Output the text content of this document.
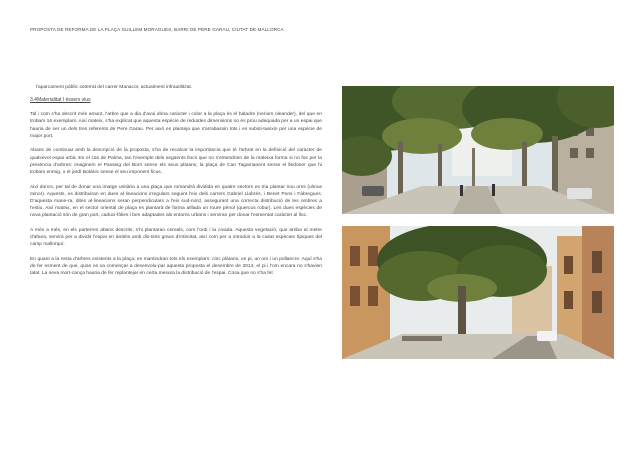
PROPOSTA DE REFORMA DE LA PLAÇA GUILLEM MORAGUES, BARRI DE PERE GARAU, CIUTAT DE MALLORCA

l'aparcament públic soterrat del carrer Manacor, actualment infrautilitzat.

3.4Materialitat I éssers vius

Tal i com s'ha descrit més amunt, l'arbre que a dia d'avui dóna caràcter i color a la plaça és el baladre (nerium oleander), del que en trobam 16 exemplars. Així mateix, s'ha explicat que aquesta espècie de reduïdes dimensions no és prou adequada per a un espai que hauria de ser un dels tres referents de Pere Garau. Per això es planteja que s'arrabassin tots i es substi-tueixin per una espècie de major port.

Abans de continuar amb la descripció de la proposta, s'ha de recalcar la importància que té l'arbrat en la definició del caràcter de qualsevol espai urbà. En el cas de Palma, tan l'exemple dels següents llocs que no s'entendrien de la mateixa forma si no fos per la presència d'arbres: imaginem el Passeig del Born sense els seus plàtans, la plaça de Can Tagamanent sense el lledoner que hi trobam enmig, o el jardí Botànic sense el seu imponent ficus.

Així doncs, per tal de donar una imatge unitària a una plaça que romandrà dividida en quatre sectors es tria plantar nou oms (ulmus minor). Aquests, es distribuiran en dues al·lineacions irregulars seguint l'eix dels carrers Gabriel Llabrés, i Benet Pons i Fàbregues. D'aquesta mane-ra, dites al·lineacions seran perpendiculars a l'eix sud-nord, assegurant una correcta distribució de les ombres a l'estiu. Així mateix, en el sector oriental de plaça es plantarà de forma aïllada un roure pènol (quercus robur). Les dues espècies de nova plantació són de gran port, caduci-fòlies i ben adaptades als entorns urbans i serviran per donar l'esmentat caràcter al lloc.

A més a més, en els parterres abans descrits, s'hi plantaran cereals, com l'ordi i la civada. Aquesta vegetació, que arriba al metre d'altura, servirà per a dividir l'espai en àmbits amb dis-tints graus d'intimitat, així com per a introduir a la ciutat espècies típiques del camp mallorquí.

En quant a la resta d'arbres existents a la plaça, es mantindran tots els exemplars: cinc plàtans, un pi, un om i un pollancre. Aquí s'ha de fer esment de que, quan es va començar a desenvolu-par aquesta proposta el desembre de 2014, el pi i l'om encara no s'havien talat. La seva mort-cança hauria de fer replantejar en certa mesura la distribució de l'espai. Cosa que no s'ha fet
